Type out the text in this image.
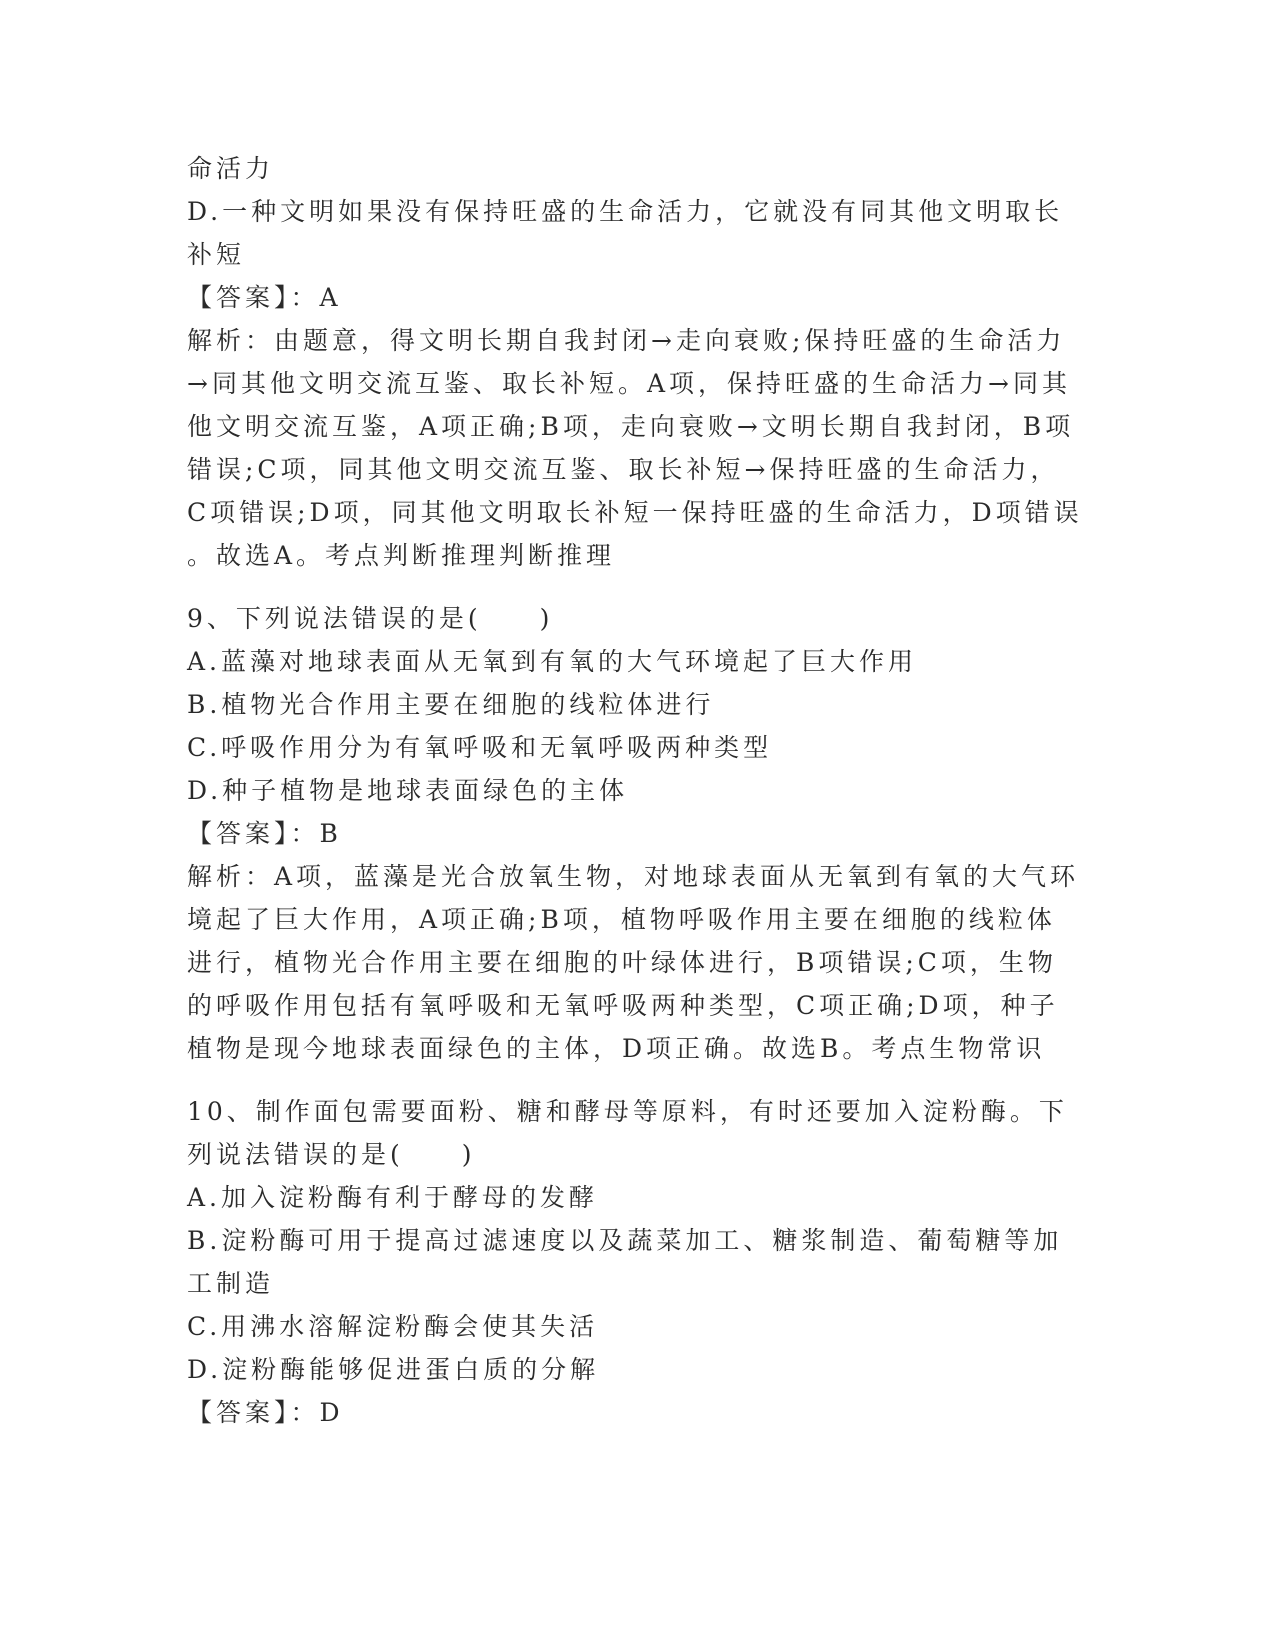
命活力
D.一种文明如果没有保持旺盛的生命活力，它就没有同其他文明取长
补短
【答案】：A
解析：由题意，得文明长期自我封闭→走向衰败;保持旺盛的生命活力
→同其他文明交流互鉴、取长补短。A项，保持旺盛的生命活力→同其
他文明交流互鉴，A项正确;B项，走向衰败→文明长期自我封闭，B项
错误;C项，同其他文明交流互鉴、取长补短→保持旺盛的生命活力，
C项错误;D项，同其他文明取长补短一保持旺盛的生命活力，D项错误
。故选A。考点判断推理判断推理
9、下列说法错误的是(　　)
A.蓝藻对地球表面从无氧到有氧的大气环境起了巨大作用
B.植物光合作用主要在细胞的线粒体进行
C.呼吸作用分为有氧呼吸和无氧呼吸两种类型
D.种子植物是地球表面绿色的主体
【答案】：B
解析：A项，蓝藻是光合放氧生物，对地球表面从无氧到有氧的大气环
境起了巨大作用，A项正确;B项，植物呼吸作用主要在细胞的线粒体
进行，植物光合作用主要在细胞的叶绿体进行，B项错误;C项，生物
的呼吸作用包括有氧呼吸和无氧呼吸两种类型，C项正确;D项，种子
植物是现今地球表面绿色的主体，D项正确。故选B。考点生物常识
10、制作面包需要面粉、糖和酵母等原料，有时还要加入淀粉酶。下
列说法错误的是(　　)
A.加入淀粉酶有利于酵母的发酵
B.淀粉酶可用于提高过滤速度以及蔬菜加工、糖浆制造、葡萄糖等加
工制造
C.用沸水溶解淀粉酶会使其失活
D.淀粉酶能够促进蛋白质的分解
【答案】：D
